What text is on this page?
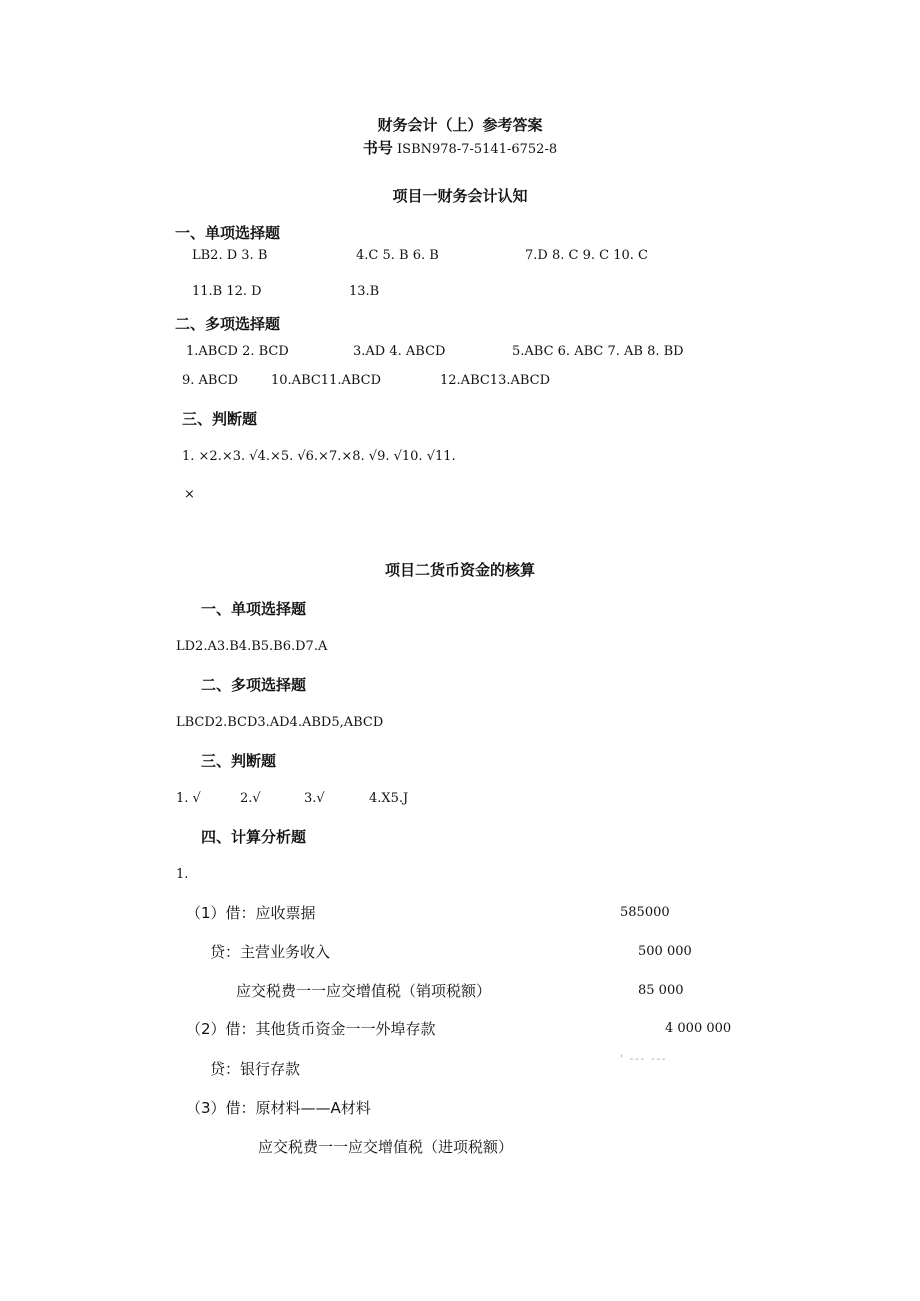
财务会计（上）参考答案
书号 ISBN978-7-5141-6752-8
项目一财务会计认知
一、单项选择题
LB2. D 3. B	4.C 5. B 6. B	7.D 8. C 9. C 10. C
11.B 12. D	13.B
二、多项选择题
1.ABCD 2. BCD	3.AD 4. ABCD	5.ABC 6. ABC 7. AB 8. BD
9. ABCD	10.ABC11.ABCD	12.ABC13.ABCD
三、判断题
1. ×2.×3. √4.×5. √6.×7.×8. √9. √10. √11.
×
项目二货币资金的核算
一、单项选择题
LD2.A3.B4.B5.B6.D7.A
二、多项选择题
LBCD2.BCD3.AD4.ABD5,ABCD
三、判断题
1. √	2.√	3.√	4.X5.J
四、计算分析题
1.
（1）借：应收票据	585000
贷：主营业务收入	500 000
应交税费一一应交增值税（销项税额）	85 000
（2）借：其他货币资金一一外埠存款	4 000 000
贷：银行存款
' --- ---
（3）借：原材料——A材料
应交税费一一应交增值税（进项税额）
